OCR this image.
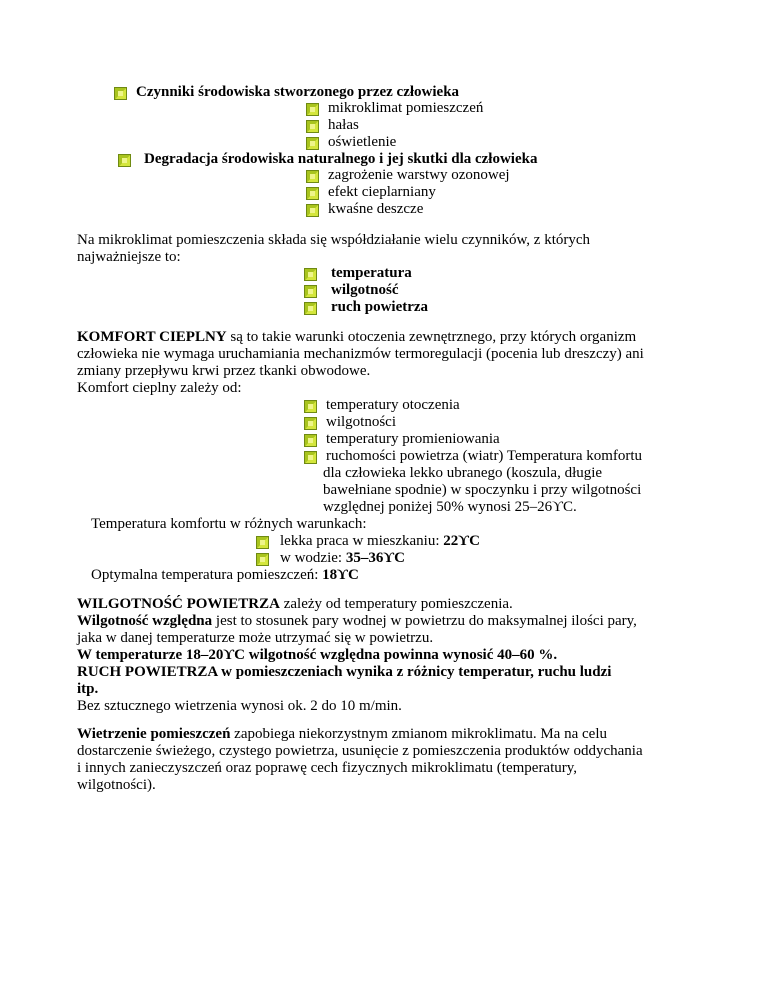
Czynniki środowiska stworzonego przez człowieka
mikroklimat pomieszczeń
hałas
oświetlenie
Degradacja środowiska naturalnego i jej skutki dla człowieka
zagrożenie warstwy ozonowej
efekt cieplarniany
kwaśne deszcze
Na mikroklimat pomieszczenia składa się współdziałanie wielu czynników, z których
najważniejsze to:
temperatura
wilgotność
ruch powietrza
KOMFORT CIEPLNY są to takie warunki otoczenia zewnętrznego, przy których organizm
człowieka nie wymaga uruchamiania mechanizmów termoregulacji (pocenia lub dreszczy) ani
zmiany przepływu krwi przez tkanki obwodowe.
Komfort cieplny zależy od:
temperatury otoczenia
wilgotności
temperatury promieniowania
ruchomości powietrza (wiatr) Temperatura komfortu
dla człowieka lekko ubranego (koszula, długie
bawełniane spodnie) w spoczynku i przy wilgotności
względnej poniżej 50% wynosi 25–26ϒC.
Temperatura komfortu w różnych warunkach:
lekka praca w mieszkaniu: 22ϒC
w wodzie: 35–36ϒC
Optymalna temperatura pomieszczeń: 18ϒC
WILGOTNOŚĆ POWIETRZA zależy od temperatury pomieszczenia.
Wilgotność względna jest to stosunek pary wodnej w powietrzu do maksymalnej ilości pary,
jaka w danej temperaturze może utrzymać się w powietrzu.
W temperaturze 18–20ϒC wilgotność względna powinna wynosić 40–60 %.
RUCH POWIETRZA w pomieszczeniach wynika z różnicy temperatur, ruchu ludzi
itp.
Bez sztucznego wietrzenia wynosi ok. 2 do 10 m/min.
Wietrzenie pomieszczeń zapobiega niekorzystnym zmianom mikroklimatu. Ma na celu
dostarczenie świeżego, czystego powietrza, usunięcie z pomieszczenia produktów oddychania
i innych zanieczyszczeń oraz poprawę cech fizycznych mikroklimatu (temperatury,
wilgotności).
